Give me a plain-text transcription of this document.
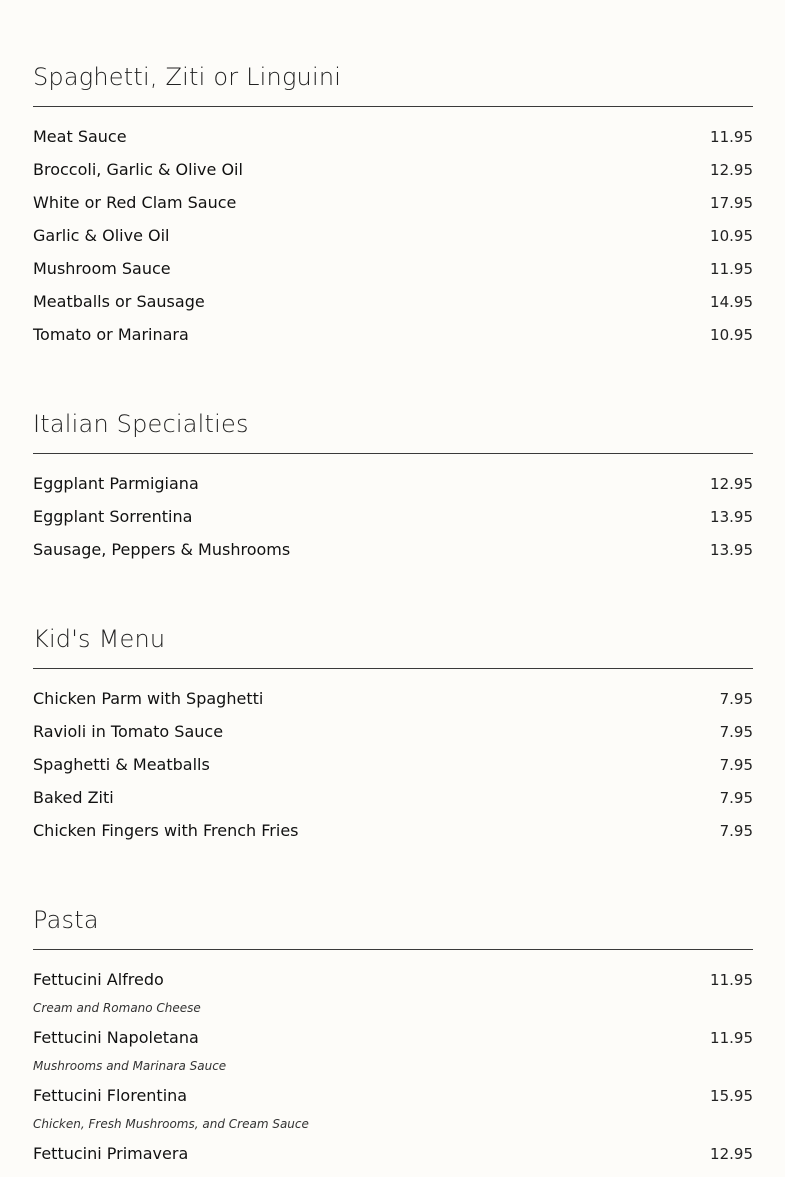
Spaghetti, Ziti or Linguini
Meat Sauce	11.95
Broccoli, Garlic & Olive Oil	12.95
White or Red Clam Sauce	17.95
Garlic & Olive Oil	10.95
Mushroom Sauce	11.95
Meatballs or Sausage	14.95
Tomato or Marinara	10.95
Italian Specialties
Eggplant Parmigiana	12.95
Eggplant Sorrentina	13.95
Sausage, Peppers & Mushrooms	13.95
Kid's Menu
Chicken Parm with Spaghetti	7.95
Ravioli in Tomato Sauce	7.95
Spaghetti & Meatballs	7.95
Baked Ziti	7.95
Chicken Fingers with French Fries	7.95
Pasta
Fettucini Alfredo	11.95
Cream and Romano Cheese
Fettucini Napoletana	11.95
Mushrooms and Marinara Sauce
Fettucini Florentina	15.95
Chicken, Fresh Mushrooms, and Cream Sauce
Fettucini Primavera	12.95
